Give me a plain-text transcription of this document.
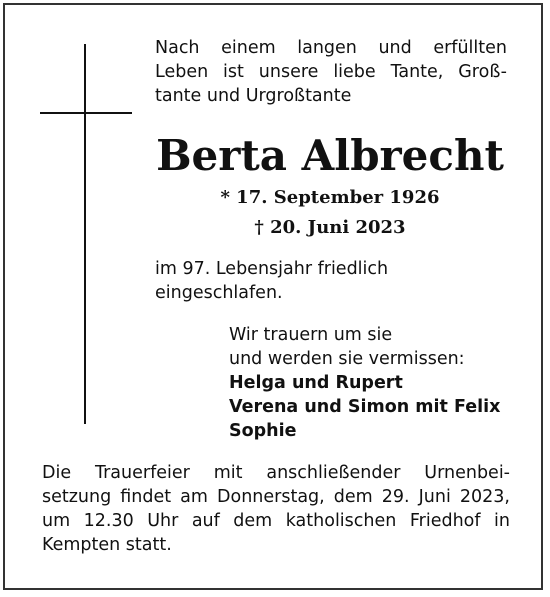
Nach einem langen und erfüllten
Leben ist unsere liebe Tante, Groß-
tante und Urgroßtante
Berta Albrecht
* 17. September 1926
† 20. Juni 2023
im 97. Lebensjahr friedlich
eingeschlafen.
Wir trauern um sie
und werden sie vermissen:
Helga und Rupert
Verena und Simon mit Felix
Sophie
Die Trauerfeier mit anschließender Urnenbei-
setzung findet am Donnerstag, dem 29. Juni 2023,
um 12.30 Uhr auf dem katholischen Friedhof in
Kempten statt.
